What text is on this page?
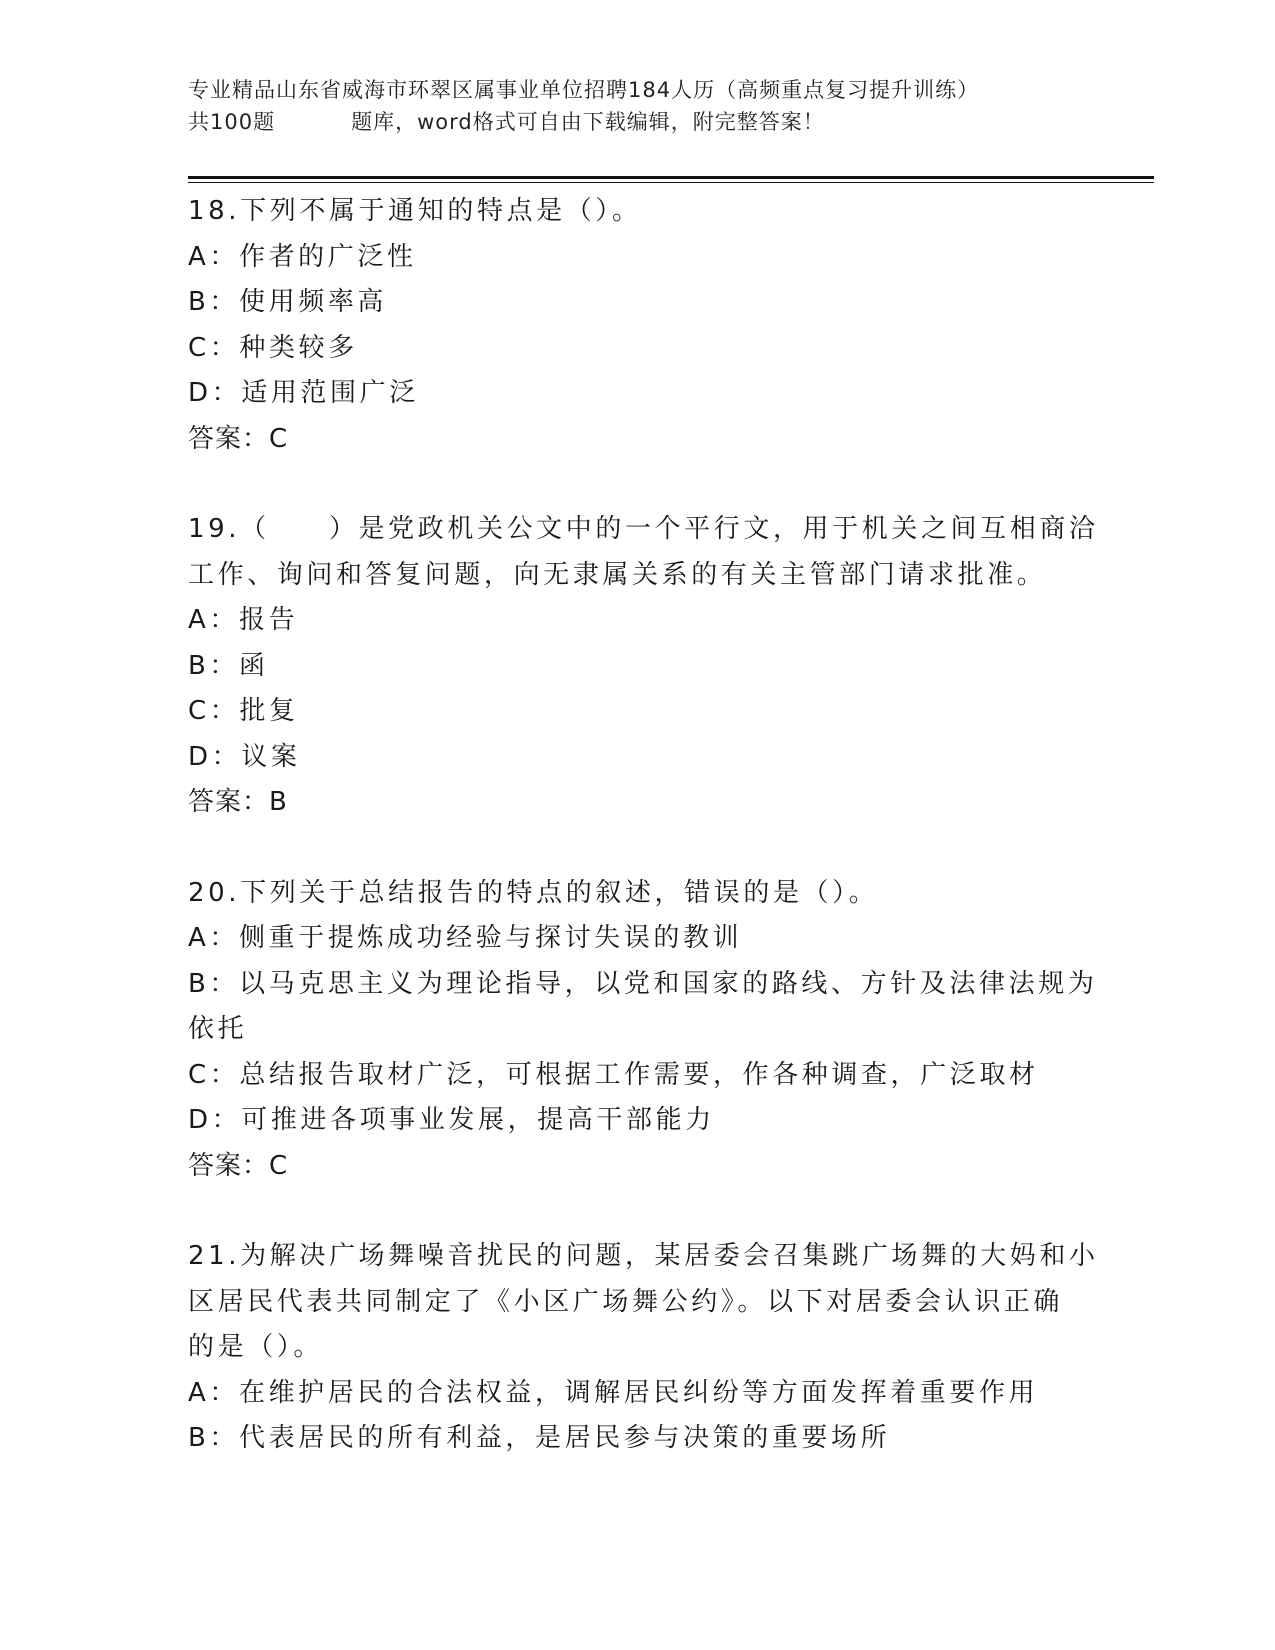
专业精品山东省威海市环翠区属事业单位招聘184人历（高频重点复习提升训练）
共100题	题库，word格式可自由下载编辑，附完整答案！
18.下列不属于通知的特点是（）。
A：作者的广泛性
B：使用频率高
C：种类较多
D：适用范围广泛
答案：C
19.（　　）是党政机关公文中的一个平行文，用于机关之间互相商洽
工作、询问和答复问题，向无隶属关系的有关主管部门请求批准。
A：报告
B：函
C：批复
D：议案
答案：B
20.下列关于总结报告的特点的叙述，错误的是（）。
A：侧重于提炼成功经验与探讨失误的教训
B：以马克思主义为理论指导，以党和国家的路线、方针及法律法规为
依托
C：总结报告取材广泛，可根据工作需要，作各种调查，广泛取材
D：可推进各项事业发展，提高干部能力
答案：C
21.为解决广场舞噪音扰民的问题，某居委会召集跳广场舞的大妈和小
区居民代表共同制定了《小区广场舞公约》。以下对居委会认识正确
的是（）。
A：在维护居民的合法权益，调解居民纠纷等方面发挥着重要作用
B：代表居民的所有利益，是居民参与决策的重要场所
